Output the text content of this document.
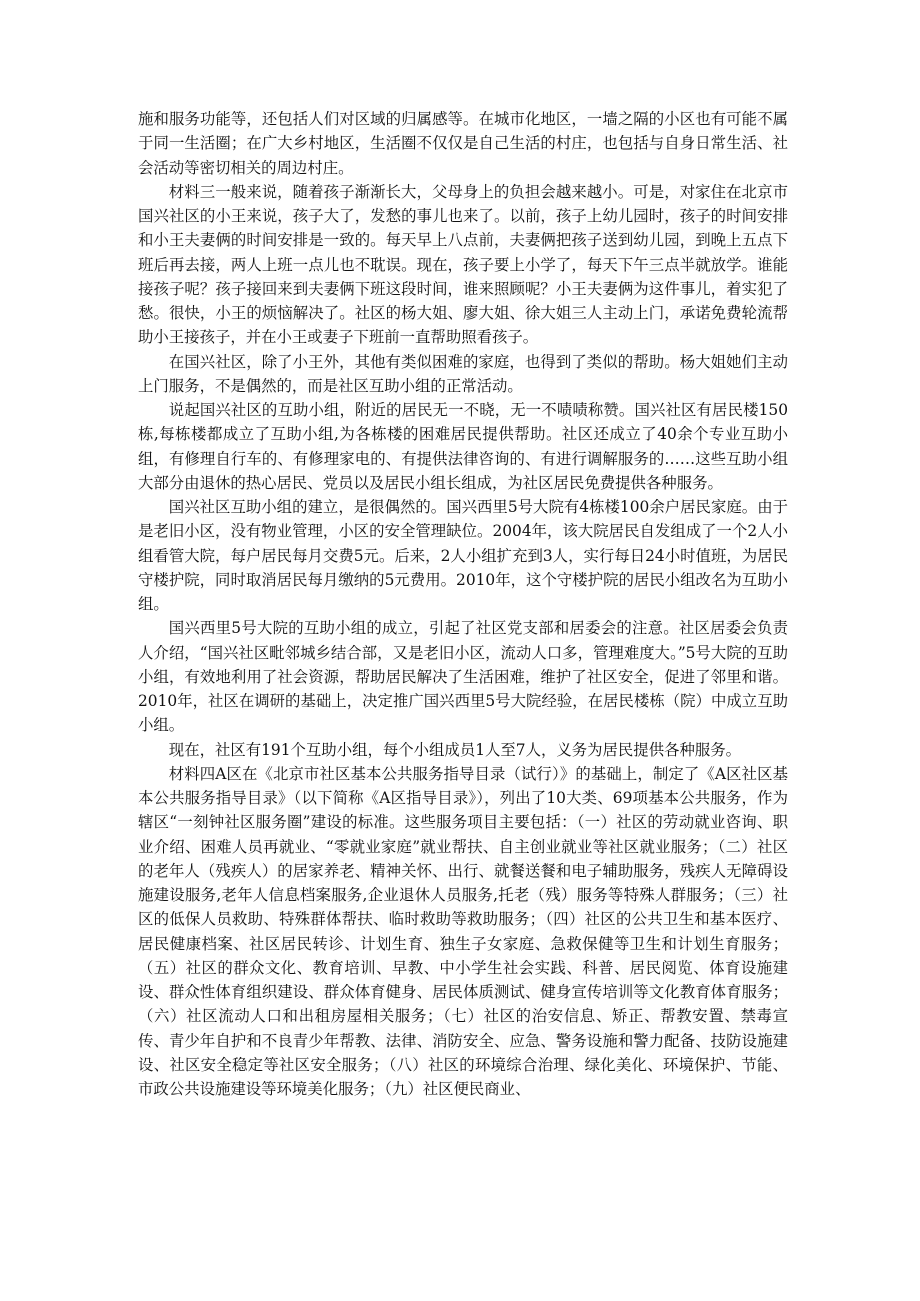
施和服务功能等，还包括人们对区域的归属感等。在城市化地区，一墙之隔的小区也有可能不属于同一生活圈；在广大乡村地区，生活圈不仅仅是自己生活的村庄，也包括与自身日常生活、社会活动等密切相关的周边村庄。

材料三一般来说，随着孩子渐渐长大，父母身上的负担会越来越小。可是，对家住在北京市国兴社区的小王来说，孩子大了，发愁的事儿也来了。以前，孩子上幼儿园时，孩子的时间安排和小王夫妻俩的时间安排是一致的。每天早上八点前，夫妻俩把孩子送到幼儿园，到晚上五点下班后再去接，两人上班一点儿也不耽误。现在，孩子要上小学了，每天下午三点半就放学。谁能接孩子呢？孩子接回来到夫妻俩下班这段时间，谁来照顾呢？小王夫妻俩为这件事儿，着实犯了愁。很快，小王的烦恼解决了。社区的杨大姐、廖大姐、徐大姐三人主动上门，承诺免费轮流帮助小王接孩子，并在小王或妻子下班前一直帮助照看孩子。

在国兴社区，除了小王外，其他有类似困难的家庭，也得到了类似的帮助。杨大姐她们主动上门服务，不是偶然的，而是社区互助小组的正常活动。

说起国兴社区的互助小组，附近的居民无一不晓，无一不啧啧称赞。国兴社区有居民楼150栋,每栋楼都成立了互助小组,为各栋楼的困难居民提供帮助。社区还成立了40余个专业互助小组，有修理自行车的、有修理家电的、有提供法律咨询的、有进行调解服务的……这些互助小组大部分由退休的热心居民、党员以及居民小组长组成，为社区居民免费提供各种服务。

国兴社区互助小组的建立，是很偶然的。国兴西里5号大院有4栋楼100余户居民家庭。由于是老旧小区，没有物业管理，小区的安全管理缺位。2004年，该大院居民自发组成了一个2人小组看管大院，每户居民每月交费5元。后来，2人小组扩充到3人，实行每日24小时值班，为居民守楼护院，同时取消居民每月缴纳的5元费用。2010年，这个守楼护院的居民小组改名为互助小组。

国兴西里5号大院的互助小组的成立，引起了社区党支部和居委会的注意。社区居委会负责人介绍，“国兴社区毗邻城乡结合部，又是老旧小区，流动人口多，管理难度大。”5号大院的互助小组，有效地利用了社会资源，帮助居民解决了生活困难，维护了社区安全，促进了邻里和谐。2010年，社区在调研的基础上，决定推广国兴西里5号大院经验，在居民楼栋（院）中成立互助小组。

现在，社区有191个互助小组，每个小组成员1人至7人，义务为居民提供各种服务。

材料四A区在《北京市社区基本公共服务指导目录（试行）》的基础上，制定了《A区社区基本公共服务指导目录》（以下简称《A区指导目录》），列出了10大类、69项基本公共服务，作为辖区“一刻钟社区服务圈”建设的标准。这些服务项目主要包括：（一）社区的劳动就业咨询、职业介绍、困难人员再就业、“零就业家庭”就业帮扶、自主创业就业等社区就业服务；（二）社区的老年人（残疾人）的居家养老、精神关怀、出行、就餐送餐和电子辅助服务，残疾人无障碍设施建设服务,老年人信息档案服务,企业退休人员服务,托老（残）服务等特殊人群服务；（三）社区的低保人员救助、特殊群体帮扶、临时救助等救助服务；（四）社区的公共卫生和基本医疗、居民健康档案、社区居民转诊、计划生育、独生子女家庭、急救保健等卫生和计划生育服务；（五）社区的群众文化、教育培训、早教、中小学生社会实践、科普、居民阅览、体育设施建设、群众性体育组织建设、群众体育健身、居民体质测试、健身宣传培训等文化教育体育服务；（六）社区流动人口和出租房屋相关服务；（七）社区的治安信息、矫正、帮教安置、禁毒宣传、青少年自护和不良青少年帮教、法律、消防安全、应急、警务设施和警力配备、技防设施建设、社区安全稳定等社区安全服务；（八）社区的环境综合治理、绿化美化、环境保护、节能、市政公共设施建设等环境美化服务；（九）社区便民商业、
